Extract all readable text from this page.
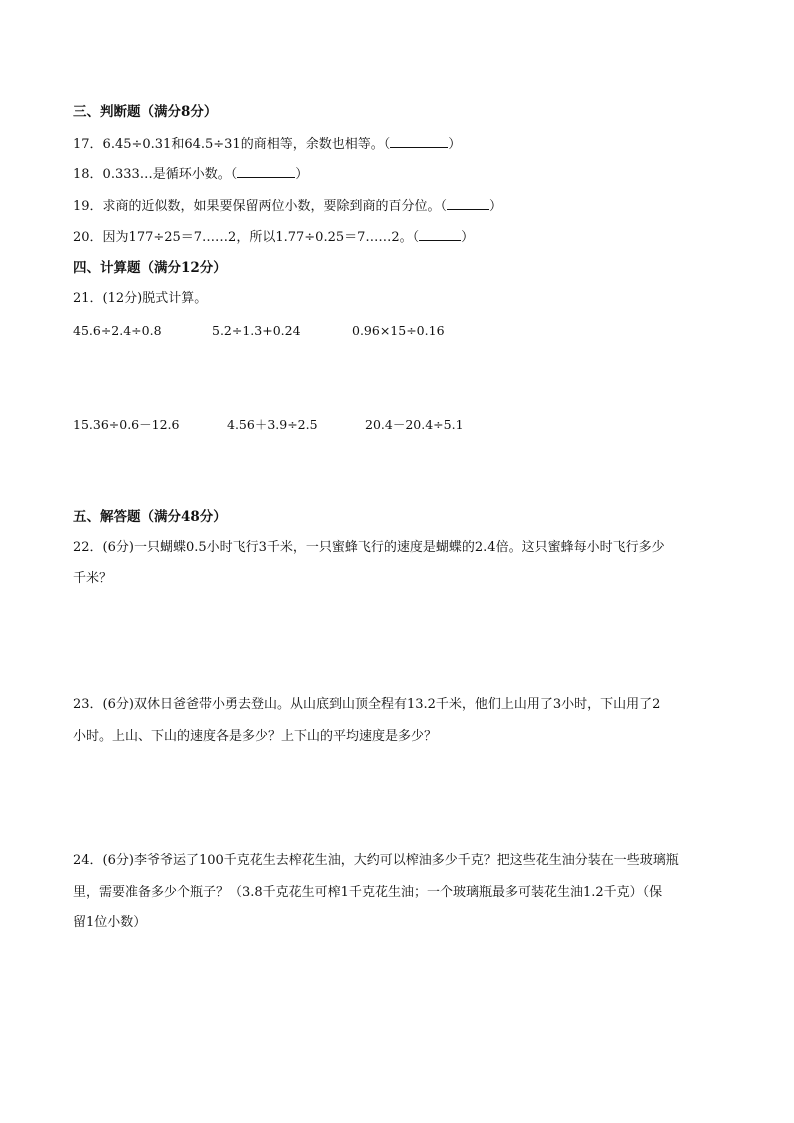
三、判断题（满分8分）
17．6.45÷0.31和64.5÷31的商相等，余数也相等。（	）
18．0.333…是循环小数。（	）
19．求商的近似数，如果要保留两位小数，要除到商的百分位。（	）
20．因为177÷25＝7……2，所以1.77÷0.25＝7……2。（	）
四、计算题（满分12分）
21．(12分)脱式计算。
45.6÷2.4÷0.8	5.2÷1.3+0.24	0.96×15÷0.16
15.36÷0.6－12.6	4.56＋3.9÷2.5	20.4－20.4÷5.1
五、解答题（满分48分）
22．(6分)一只蝴蝶0.5小时飞行3千米，一只蜜蜂飞行的速度是蝴蝶的2.4倍。这只蜜蜂每小时飞行多少
千米？
23．(6分)双休日爸爸带小勇去登山。从山底到山顶全程有13.2千米，他们上山用了3小时，下山用了2
小时。上山、下山的速度各是多少？上下山的平均速度是多少？
24．(6分)李爷爷运了100千克花生去榨花生油，大约可以榨油多少千克？把这些花生油分装在一些玻璃瓶
里，需要准备多少个瓶子？（3.8千克花生可榨1千克花生油；一个玻璃瓶最多可装花生油1.2千克）（保
留1位小数）
